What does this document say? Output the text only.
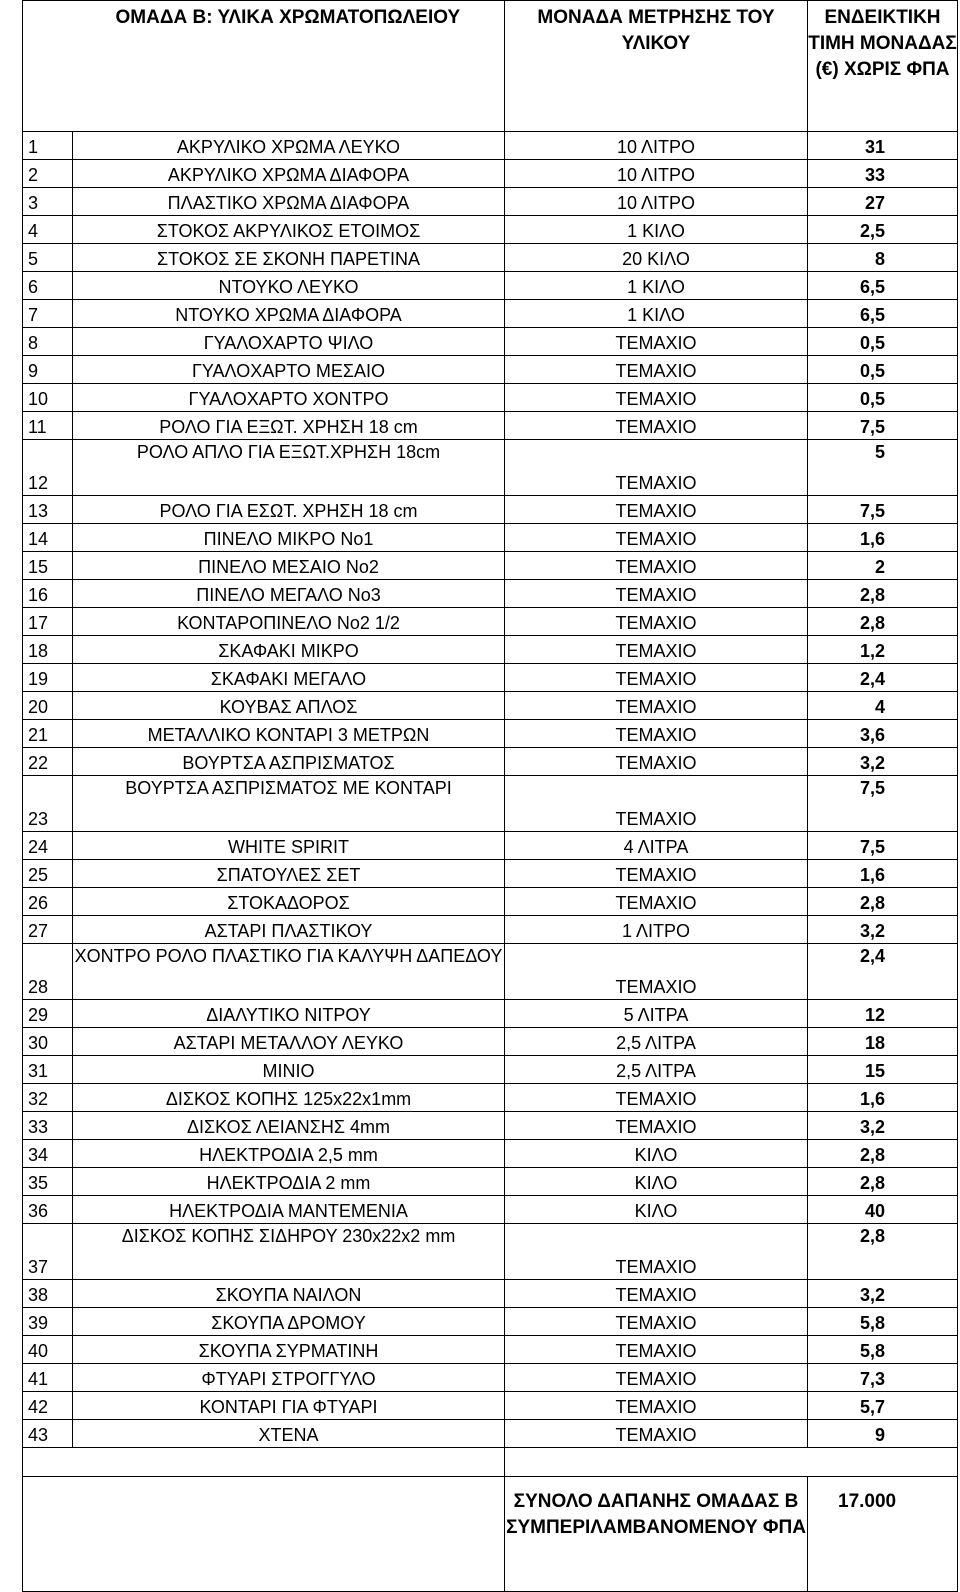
	ΟΜΑΔΑ Β: ΥΛΙΚΑ ΧΡΩΜΑΤΟΠΩΛΕΙΟΥ	ΜΟΝΑΔΑ ΜΕΤΡΗΣΗΣ ΤΟΥ ΥΛΙΚΟΥ	ΕΝΔΕΙΚΤΙΚΗ ΤΙΜΗ ΜΟΝΑΔΑΣ (€) ΧΩΡΙΣ ΦΠΑ
1	ΑΚΡΥΛΙΚΟ ΧΡΩΜΑ ΛΕΥΚΟ	10 ΛΙΤΡΟ	31
2	ΑΚΡΥΛΙΚΟ ΧΡΩΜΑ ΔΙΑΦΟΡΑ	10 ΛΙΤΡΟ	33
3	ΠΛΑΣΤΙΚΟ ΧΡΩΜΑ ΔΙΑΦΟΡΑ	10 ΛΙΤΡΟ	27
4	ΣΤΟΚΟΣ ΑΚΡΥΛΙΚΟΣ ΕΤΟΙΜΟΣ	1 ΚΙΛΟ	2,5
5	ΣΤΟΚΟΣ ΣΕ ΣΚΟΝΗ ΠΑΡΕΤΙΝΑ	20 ΚΙΛΟ	8
6	ΝΤΟΥΚΟ ΛΕΥΚΟ	1 ΚΙΛΟ	6,5
7	ΝΤΟΥΚΟ ΧΡΩΜΑ ΔΙΑΦΟΡΑ	1 ΚΙΛΟ	6,5
8	ΓΥΑΛΟΧΑΡΤΟ ΨΙΛΟ	ΤΕΜΑΧΙΟ	0,5
9	ΓΥΑΛΟΧΑΡΤΟ ΜΕΣΑΙΟ	ΤΕΜΑΧΙΟ	0,5
10	ΓΥΑΛΟΧΑΡΤΟ ΧΟΝΤΡΟ	ΤΕΜΑΧΙΟ	0,5
11	ΡΟΛΟ ΓΙΑ ΕΞΩΤ. ΧΡΗΣΗ 18 cm	ΤΕΜΑΧΙΟ	7,5
12	ΡΟΛΟ ΑΠΛΟ ΓΙΑ ΕΞΩΤ.ΧΡΗΣΗ 18cm	ΤΕΜΑΧΙΟ	5
13	ΡΟΛΟ ΓΙΑ ΕΣΩΤ. ΧΡΗΣΗ 18 cm	ΤΕΜΑΧΙΟ	7,5
14	ΠΙΝΕΛΟ ΜΙΚΡΟ Νο1	ΤΕΜΑΧΙΟ	1,6
15	ΠΙΝΕΛΟ ΜΕΣΑΙΟ Νο2	ΤΕΜΑΧΙΟ	2
16	ΠΙΝΕΛΟ ΜΕΓΑΛΟ Νο3	ΤΕΜΑΧΙΟ	2,8
17	ΚΟΝΤΑΡΟΠΙΝΕΛΟ Νο2 1/2	ΤΕΜΑΧΙΟ	2,8
18	ΣΚΑΦΑΚΙ ΜΙΚΡΟ	ΤΕΜΑΧΙΟ	1,2
19	ΣΚΑΦΑΚΙ ΜΕΓΑΛΟ	ΤΕΜΑΧΙΟ	2,4
20	ΚΟΥΒΑΣ ΑΠΛΟΣ	ΤΕΜΑΧΙΟ	4
21	ΜΕΤΑΛΛΙΚΟ ΚΟΝΤΑΡΙ 3 ΜΕΤΡΩΝ	ΤΕΜΑΧΙΟ	3,6
22	ΒΟΥΡΤΣΑ ΑΣΠΡΙΣΜΑΤΟΣ	ΤΕΜΑΧΙΟ	3,2
23	ΒΟΥΡΤΣΑ ΑΣΠΡΙΣΜΑΤΟΣ ΜΕ ΚΟΝΤΑΡΙ	ΤΕΜΑΧΙΟ	7,5
24	WHITE SPIRIT	4 ΛΙΤΡΑ	7,5
25	ΣΠΑΤΟΥΛΕΣ ΣΕΤ	ΤΕΜΑΧΙΟ	1,6
26	ΣΤΟΚΑΔΟΡΟΣ	ΤΕΜΑΧΙΟ	2,8
27	ΑΣΤΑΡΙ ΠΛΑΣΤΙΚΟΥ	1 ΛΙΤΡΟ	3,2
28	ΧΟΝΤΡΟ ΡΟΛΟ ΠΛΑΣΤΙΚΟ ΓΙΑ ΚΑΛΥΨΗ ΔΑΠΕΔΟΥ	ΤΕΜΑΧΙΟ	2,4
29	ΔΙΑΛΥΤΙΚΟ ΝΙΤΡΟΥ	5 ΛΙΤΡΑ	12
30	ΑΣΤΑΡΙ ΜΕΤΑΛΛΟΥ ΛΕΥΚΟ	2,5 ΛΙΤΡΑ	18
31	ΜΙΝΙΟ	2,5 ΛΙΤΡΑ	15
32	ΔΙΣΚΟΣ ΚΟΠΗΣ 125x22x1mm	ΤΕΜΑΧΙΟ	1,6
33	ΔΙΣΚΟΣ ΛΕΙΑΝΣΗΣ 4mm	ΤΕΜΑΧΙΟ	3,2
34	ΗΛΕΚΤΡΟΔΙΑ 2,5 mm	ΚΙΛΟ	2,8
35	ΗΛΕΚΤΡΟΔΙΑ 2 mm	ΚΙΛΟ	2,8
36	ΗΛΕΚΤΡΟΔΙΑ ΜΑΝΤΕΜΕΝΙΑ	ΚΙΛΟ	40
37	ΔΙΣΚΟΣ ΚΟΠΗΣ ΣΙΔΗΡΟΥ 230x22x2 mm	ΤΕΜΑΧΙΟ	2,8
38	ΣΚΟΥΠΑ ΝΑΙΛΟΝ	ΤΕΜΑΧΙΟ	3,2
39	ΣΚΟΥΠΑ ΔΡΟΜΟΥ	ΤΕΜΑΧΙΟ	5,8
40	ΣΚΟΥΠΑ ΣΥΡΜΑΤΙΝΗ	ΤΕΜΑΧΙΟ	5,8
41	ΦΤΥΑΡΙ ΣΤΡΟΓΓΥΛΟ	ΤΕΜΑΧΙΟ	7,3
42	ΚΟΝΤΑΡΙ ΓΙΑ ΦΤΥΑΡΙ	ΤΕΜΑΧΙΟ	5,7
43	ΧΤΕΝΑ	ΤΕΜΑΧΙΟ	9

		ΣΥΝΟΛΟ ΔΑΠΑΝΗΣ ΟΜΑΔΑΣ Β ΣΥΜΠΕΡΙΛΑΜΒΑΝΟΜΕΝΟΥ ΦΠΑ	17.000
